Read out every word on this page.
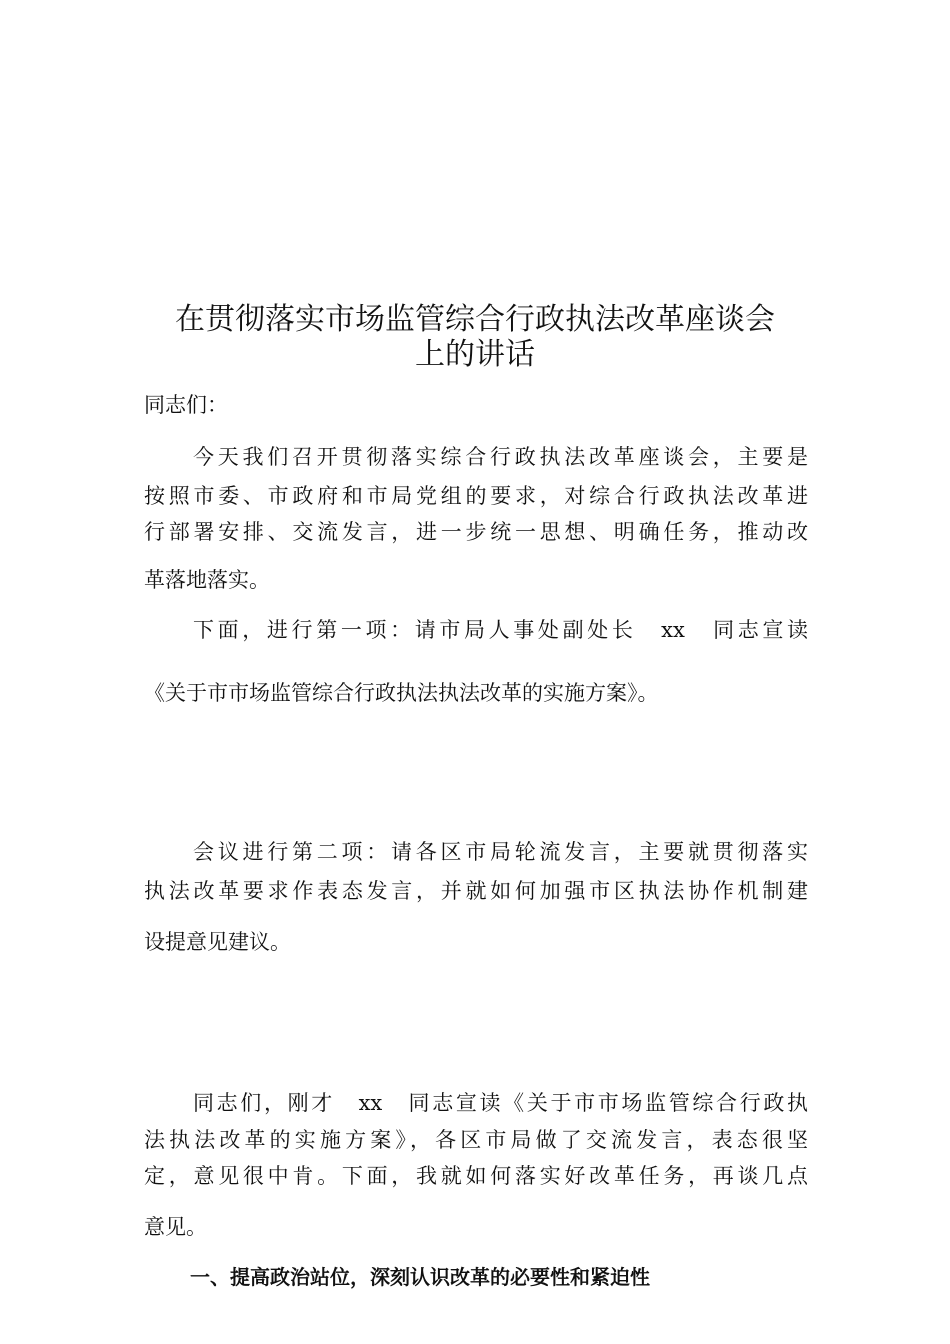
在贯彻落实市场监管综合行政执法改革座谈会
上的讲话

同志们：

今天我们召开贯彻落实综合行政执法改革座谈会，主要是

按照市委、市政府和市局党组的要求，对综合行政执法改革进

行部署安排、交流发言，进一步统一思想、明确任务，推动改

革落地落实。

下面，进行第一项：请市局人事处副处长　xx　同志宣读

《关于市市场监管综合行政执法执法改革的实施方案》。

会议进行第二项：请各区市局轮流发言，主要就贯彻落实

执法改革要求作表态发言，并就如何加强市区执法协作机制建

设提意见建议。

同志们，刚才　xx　同志宣读《关于市市场监管综合行政执

法执法改革的实施方案》，各区市局做了交流发言，表态很坚

定，意见很中肯。下面，我就如何落实好改革任务，再谈几点

意见。

一、提高政治站位，深刻认识改革的必要性和紧迫性
